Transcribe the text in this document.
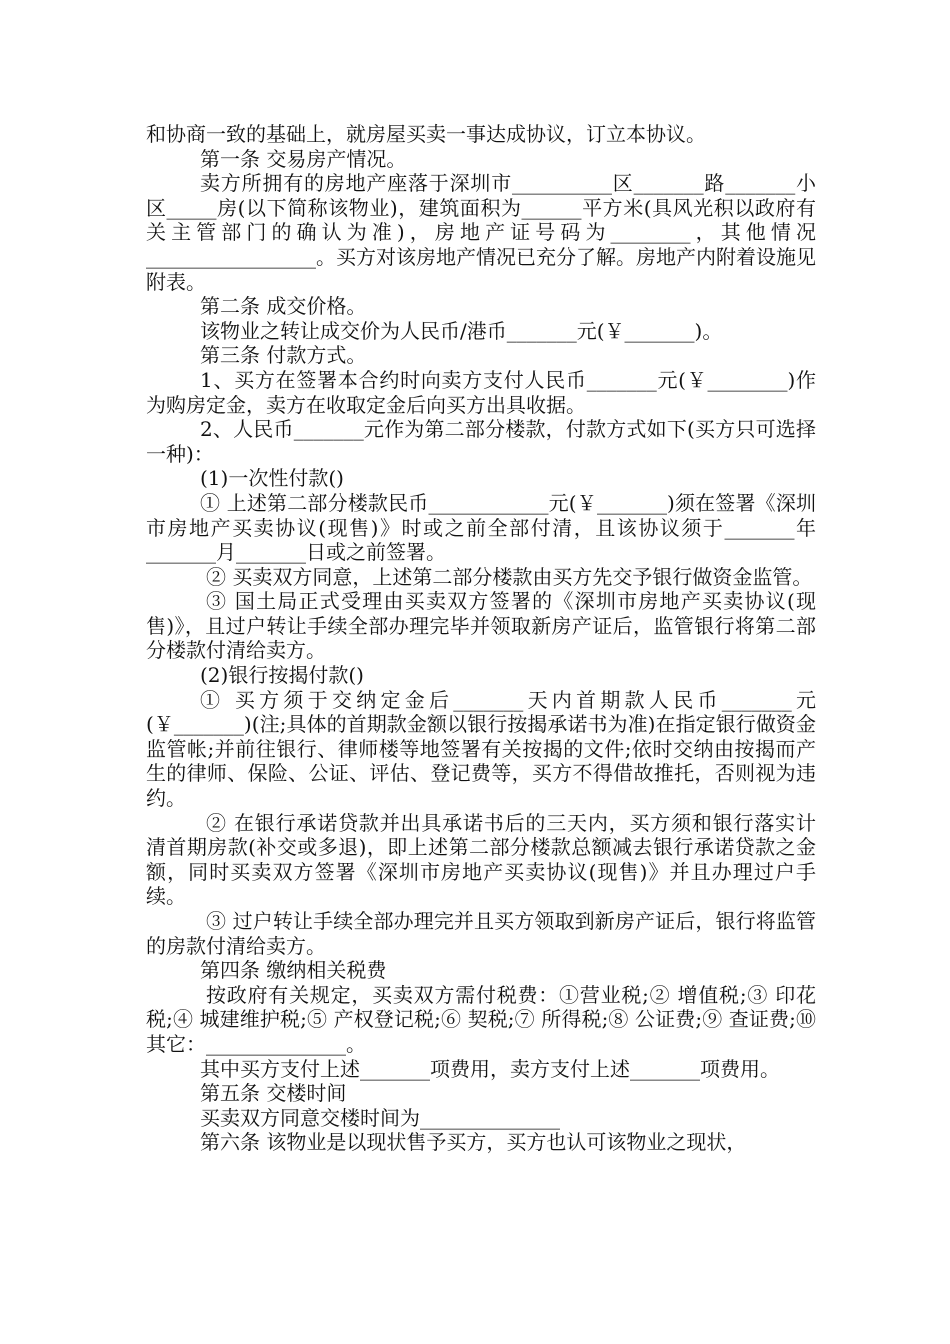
和协商一致的基础上，就房屋买卖一事达成协议，订立本协议。

第一条 交易房产情况。

卖方所拥有的房地产座落于深圳市__________区_______路_______小区_____房(以下简称该物业)，建筑面积为______平方米(具风光积以政府有关主管部门的确认为准)，房地产证号码为________，其他情况_________________。买方对该房地产情况已充分了解。房地产内附着设施见附表。

第二条 成交价格。

该物业之转让成交价为人民币/港币_______元(￥_______)。

第三条 付款方式。

1、买方在签署本合约时向卖方支付人民币_______元(￥________)作为购房定金，卖方在收取定金后向买方出具收据。

2、人民币_______元作为第二部分楼款，付款方式如下(买方只可选择一种)：

(1)一次性付款()

① 上述第二部分楼款民币____________元(￥_______)须在签署《深圳市房地产买卖协议(现售)》时或之前全部付清，且该协议须于_______年_______月_______日或之前签署。

② 买卖双方同意，上述第二部分楼款由买方先交予银行做资金监管。

③ 国土局正式受理由买卖双方签署的《深圳市房地产买卖协议(现售)》，且过户转让手续全部办理完毕并领取新房产证后，监管银行将第二部分楼款付清给卖方。

(2)银行按揭付款()

① 买方须于交纳定金后_______天内首期款人民币_______元(￥_______)(注;具体的首期款金额以银行按揭承诺书为准)在指定银行做资金监管帐;并前往银行、律师楼等地签署有关按揭的文件;依时交纳由按揭而产生的律师、保险、公证、评估、登记费等，买方不得借故推托，否则视为违约。

② 在银行承诺贷款并出具承诺书后的三天内，买方须和银行落实计 清首期房款(补交或多退)，即上述第二部分楼款总额减去银行承诺贷款之金额，同时买卖双方签署《深圳市房地产买卖协议(现售)》并且办理过户手续。

③ 过户转让手续全部办理完并且买方领取到新房产证后，银行将监管的房款付清给卖方。

第四条 缴纳相关税费

按政府有关规定，买卖双方需付税费：①营业税;② 增值税;③ 印花税;④ 城建维护税;⑤ 产权登记税;⑥ 契税;⑦ 所得税;⑧ 公证费;⑨ 查证费;⑩ 其它：______________。

其中买方支付上述_______项费用，卖方支付上述_______项费用。

第五条 交楼时间

买卖双方同意交楼时间为______________

第六条 该物业是以现状售予买方，买方也认可该物业之现状，
